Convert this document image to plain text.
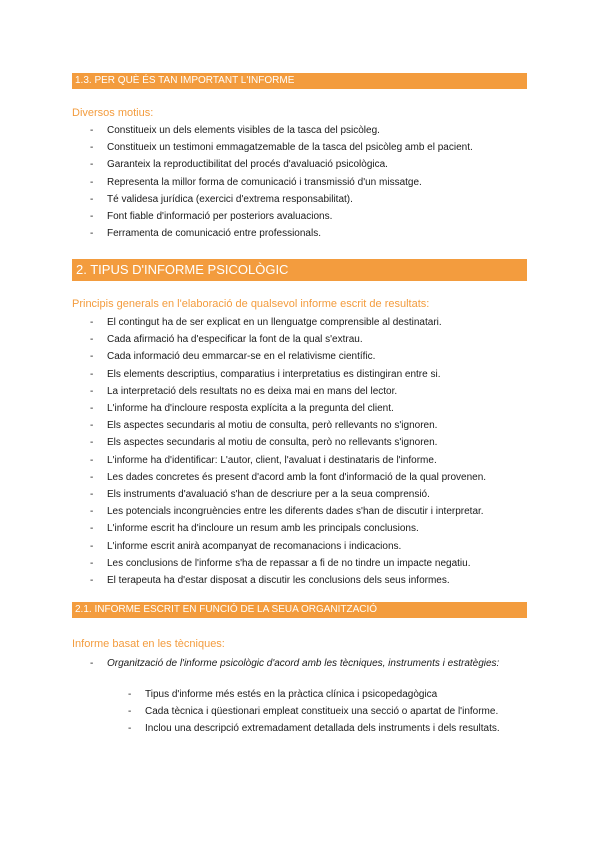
1.3. PER QUÈ ÉS TAN IMPORTANT L'INFORME
Diversos motius:
- Constitueix un dels elements visibles de la tasca del psicòleg.
- Constitueix un testimoni emmagatzemable de la tasca del psicòleg amb el pacient.
- Garanteix la reproductibilitat del procés d'avaluació psicològica.
- Representa la millor forma de comunicació i transmissió d'un missatge.
- Té validesa jurídica (exercici d'extrema responsabilitat).
- Font fiable d'informació per posteriors avaluacions.
- Ferramenta de comunicació entre professionals.
2. TIPUS D'INFORME PSICOLÒGIC
Principis generals en l'elaboració de qualsevol informe escrit de resultats:
- El contingut ha de ser explicat en un llenguatge comprensible al destinatari.
- Cada afirmació ha d'especificar la font de la qual s'extrau.
- Cada informació deu emmarcar-se en el relativisme científic.
- Els elements descriptius, comparatius i interpretatius es distingiran entre si.
- La interpretació dels resultats no es deixa mai en mans del lector.
- L'informe ha d'incloure resposta explícita a la pregunta del client.
- Els aspectes secundaris al motiu de consulta, però rellevants no s'ignoren.
- Els aspectes secundaris al motiu de consulta, però no rellevants s'ignoren.
- L'informe ha d'identificar: L'autor, client, l'avaluat i destinataris de l'informe.
- Les dades concretes és present d'acord amb la font d'informació de la qual provenen.
- Els instruments d'avaluació s'han de descriure per a la seua comprensió.
- Les potencials incongruències entre les diferents dades s'han de discutir i interpretar.
- L'informe escrit ha d'incloure un resum amb les principals conclusions.
- L'informe escrit anirà acompanyat de recomanacions i indicacions.
- Les conclusions de l'informe s'ha de repassar a fi de no tindre un impacte negatiu.
- El terapeuta ha d'estar disposat a discutir les conclusions dels seus informes.
2.1. INFORME ESCRIT EN FUNCIÓ DE LA SEUA ORGANITZACIÓ
Informe basat en les tècniques:
- Organització de l'informe psicològic d'acord amb les tècniques, instruments i estratègies:
- Tipus d'informe més estés en la pràctica clínica i psicopedagògica
- Cada tècnica i qüestionari empleat constitueix una secció o apartat de l'informe.
- Inclou una descripció extremadament detallada dels instruments i dels resultats.
